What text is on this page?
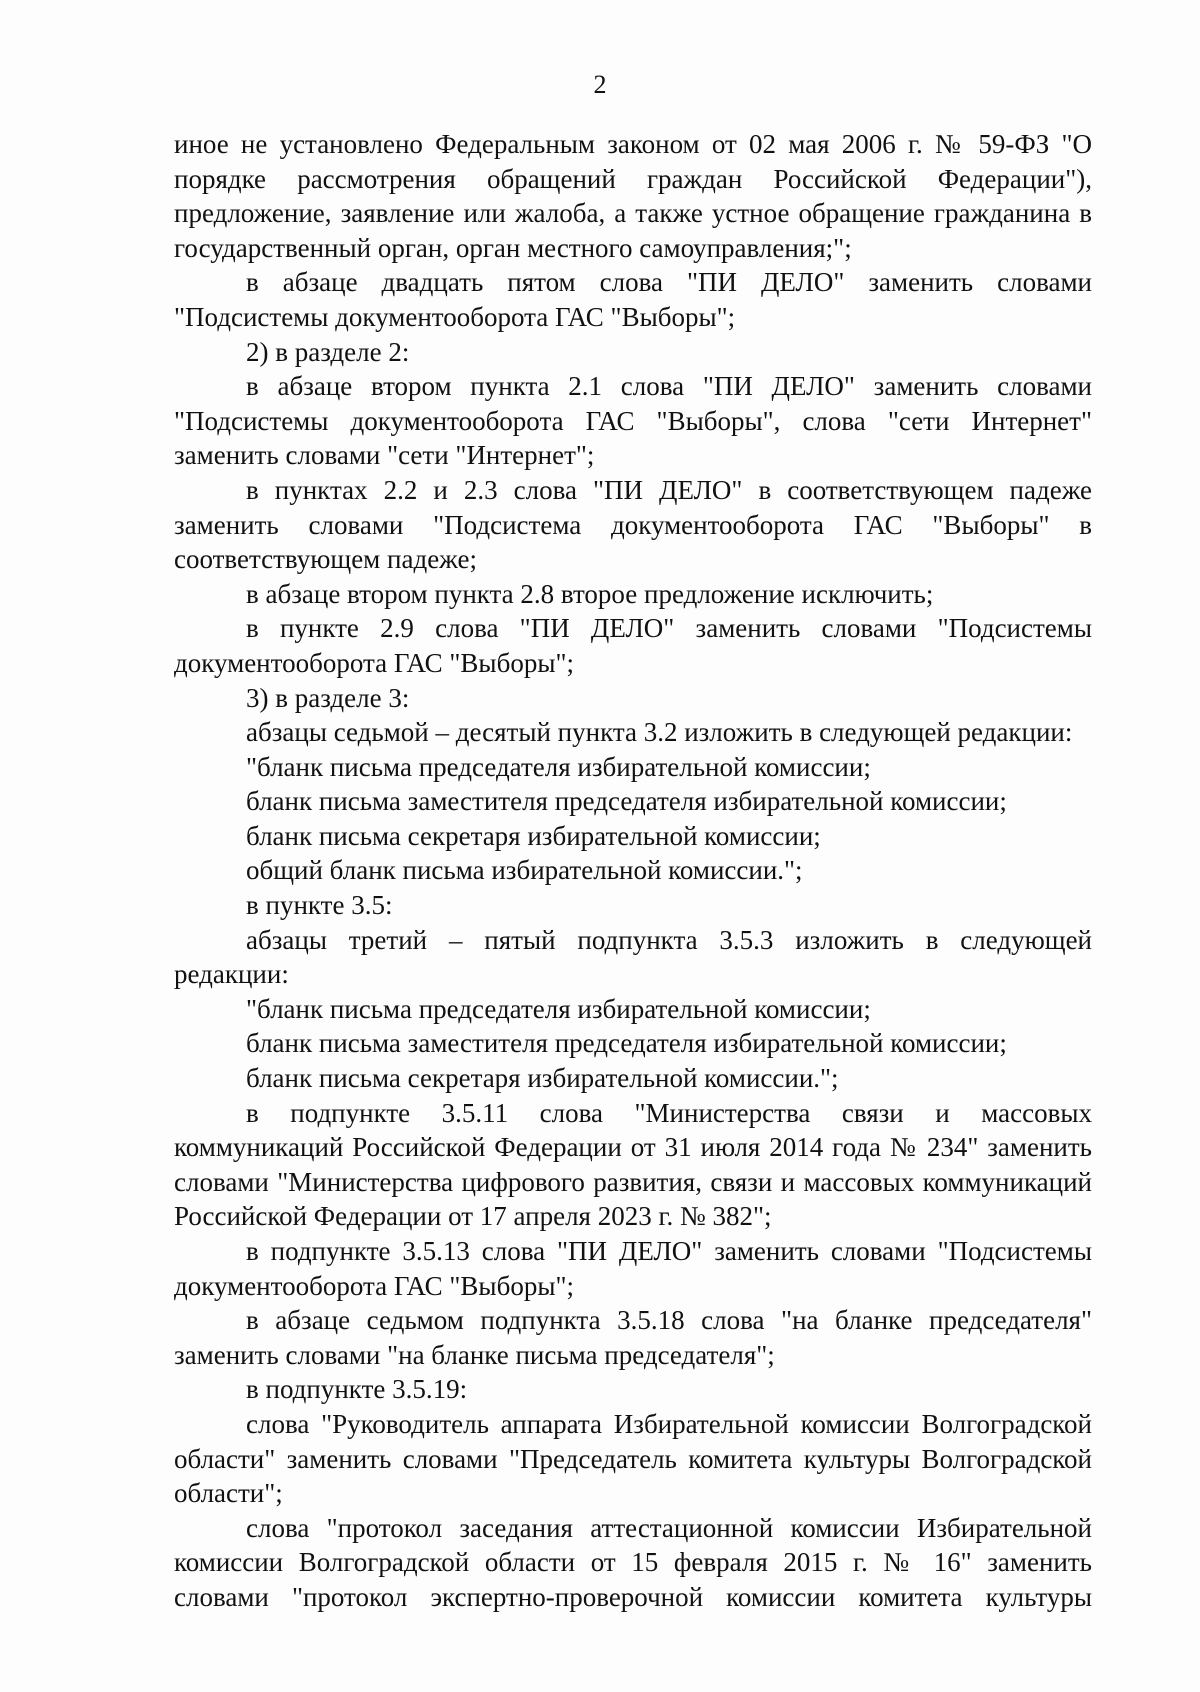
2

иное не установлено Федеральным законом от 02 мая 2006 г. № 59-ФЗ "О порядке рассмотрения обращений граждан Российской Федерации"), предложение, заявление или жалоба, а также устное обращение гражданина в государственный орган, орган местного самоуправления;";

в абзаце двадцать пятом слова "ПИ ДЕЛО" заменить словами "Подсистемы документооборота ГАС "Выборы";

2) в разделе 2:

в абзаце втором пункта 2.1 слова "ПИ ДЕЛО" заменить словами "Подсистемы документооборота ГАС "Выборы", слова "сети Интернет" заменить словами "сети "Интернет";

в пунктах 2.2 и 2.3 слова "ПИ ДЕЛО" в соответствующем падеже заменить словами "Подсистема документооборота ГАС "Выборы" в соответствующем падеже;

в абзаце втором пункта 2.8 второе предложение исключить;

в пункте 2.9 слова "ПИ ДЕЛО" заменить словами "Подсистемы документооборота ГАС "Выборы";

3) в разделе 3:

абзацы седьмой – десятый пункта 3.2 изложить в следующей редакции:

"бланк письма председателя избирательной комиссии;

бланк письма заместителя председателя избирательной комиссии;

бланк письма секретаря избирательной комиссии;

общий бланк письма избирательной комиссии.";

в пункте 3.5:

абзацы третий – пятый подпункта 3.5.3 изложить в следующей редакции:

"бланк письма председателя избирательной комиссии;

бланк письма заместителя председателя избирательной комиссии;

бланк письма секретаря избирательной комиссии.";

в подпункте 3.5.11 слова "Министерства связи и массовых коммуникаций Российской Федерации от 31 июля 2014 года № 234" заменить словами "Министерства цифрового развития, связи и массовых коммуникаций Российской Федерации от 17 апреля 2023 г. № 382";

в подпункте 3.5.13 слова "ПИ ДЕЛО" заменить словами "Подсистемы документооборота ГАС "Выборы";

в абзаце седьмом подпункта 3.5.18 слова "на бланке председателя" заменить словами "на бланке письма председателя";

в подпункте 3.5.19:

слова "Руководитель аппарата Избирательной комиссии Волгоградской области" заменить словами "Председатель комитета культуры Волгоградской области";

слова "протокол заседания аттестационной комиссии Избирательной комиссии Волгоградской области от 15 февраля 2015 г. № 16" заменить словами "протокол экспертно-проверочной комиссии комитета культуры
